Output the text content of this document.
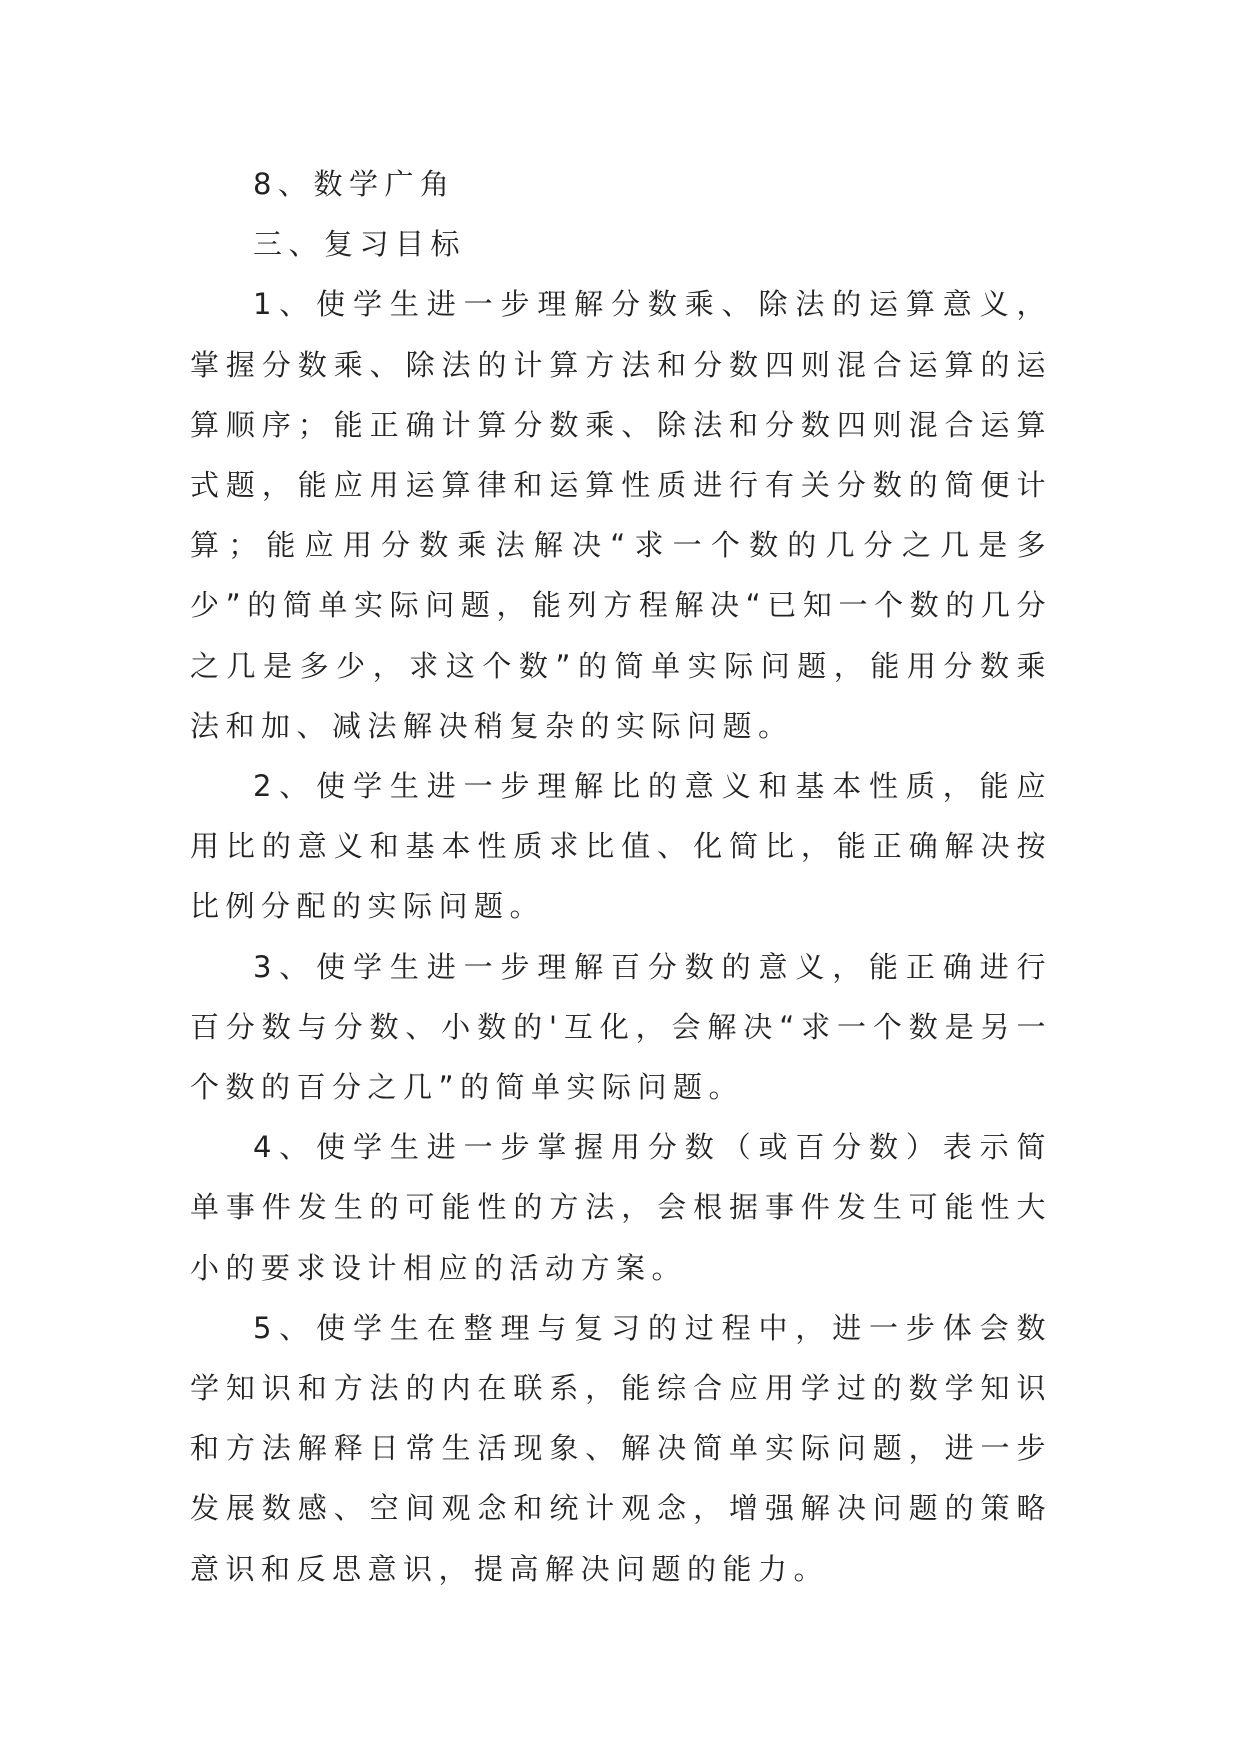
8、数学广角

三、复习目标

1、使学生进一步理解分数乘、除法的运算意义，掌握分数乘、除法的计算方法和分数四则混合运算的运算顺序；能正确计算分数乘、除法和分数四则混合运算式题，能应用运算律和运算性质进行有关分数的简便计算；能应用分数乘法解决“求一个数的几分之几是多少”的简单实际问题，能列方程解决“已知一个数的几分之几是多少，求这个数”的简单实际问题，能用分数乘法和加、减法解决稍复杂的实际问题。

2、使学生进一步理解比的意义和基本性质，能应用比的意义和基本性质求比值、化简比，能正确解决按比例分配的实际问题。

3、使学生进一步理解百分数的意义，能正确进行百分数与分数、小数的'互化，会解决“求一个数是另一个数的百分之几”的简单实际问题。

4、使学生进一步掌握用分数（或百分数）表示简单事件发生的可能性的方法，会根据事件发生可能性大小的要求设计相应的活动方案。

5、使学生在整理与复习的过程中，进一步体会数学知识和方法的内在联系，能综合应用学过的数学知识和方法解释日常生活现象、解决简单实际问题，进一步发展数感、空间观念和统计观念，增强解决问题的策略意识和反思意识，提高解决问题的能力。
